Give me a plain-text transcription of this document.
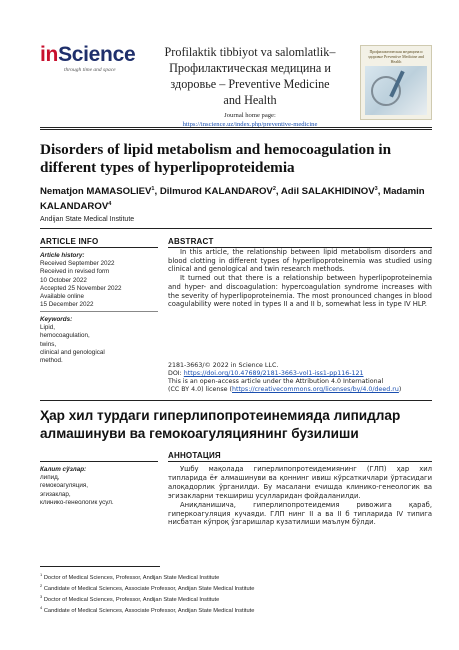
inScience
through time and space
Profilaktik tibbiyot va salomlatlik–
Профилактическая медицина и
здоровье – Preventive Medicine
and Health
Journal home page:
https://inscience.uz/index.php/preventive-medicine
Профилактическая медицина и здоровье Preventive Medicine and Health
Disorders of lipid metabolism and hemocoagulation in different types of hyperlipoproteidemia
Nematjon MAMASOLIEV$^1$, Dilmurod KALANDAROV$^2$, Adil SALAKHIDINOV$^3$, Madamin KALANDAROV$^4$
Andijan State Medical Institute
ARTICLE INFO
Article history:
Received September 2022
Received in revised form
10 October 2022
Accepted 25 November 2022
Available online
15 December 2022
Keywords:
Lipid,
hemocoagulation,
twins,
clinical and genological
method.
ABSTRACT

In this article, the relationship between lipid metabolism disorders and blood clotting in different types of hyperlipoproteinemia was studied using clinical and genological and twin research methods.

It turned out that there is a relationship between hyperlipoproteinemia and hyper- and discoagulation: hypercoagulation syndrome increases with the severity of hyperlipoproteinemia. The most pronounced changes in blood coagulability were noted in types II a and II b, somewhat less in type IV HLP.

2181-3663/© 2022 in Science LLC.
DOI: https://doi.org/10.47689/2181-3663-vol1-iss1-pp116-121
This is an open-access article under the Attribution 4.0 International
(CC BY 4.0) license (https://creativecommons.org/licenses/by/4.0/deed.ru)
Ҳар хил турдаги гиперлипопротеинемияда липидлар алмашинуви ва гемокоагуляциянинг бузилиши
АННОТАЦИЯ
Калит сўзлар:
липид,
гемокоагуляция,
эгизаклар,
клинико-генеологик усул.

Ушбу мақолада гиперлипопротеидемиянинг (ГЛП) ҳар хил типларида ёғ алмашинуви ва қоннинг ивиш кўрсаткичлари ўртасидаги алоқадорлик ўрганилди. Бу масалани ечишда клинико-генеологик ва эгизакларни текшириш усулларидан фойдаланилди.

Аниқланишича, гиперлипопротеидемия ривожига қараб, гиперкоагуляция кучаяди. ГЛП нинг II а ва II б типларида IV типига нисбатан кўпроқ ўзгаришлар кузатилиши маълум бўлди.

$^1$ Doctor of Medical Sciences, Professor, Andijan State Medical Institute
$^2$ Candidate of Medical Sciences, Associate Professor, Andijan State Medical Institute
$^3$ Doctor of Medical Sciences, Professor, Andijan State Medical Institute
$^4$ Candidate of Medical Sciences, Associate Professor, Andijan State Medical Institute
